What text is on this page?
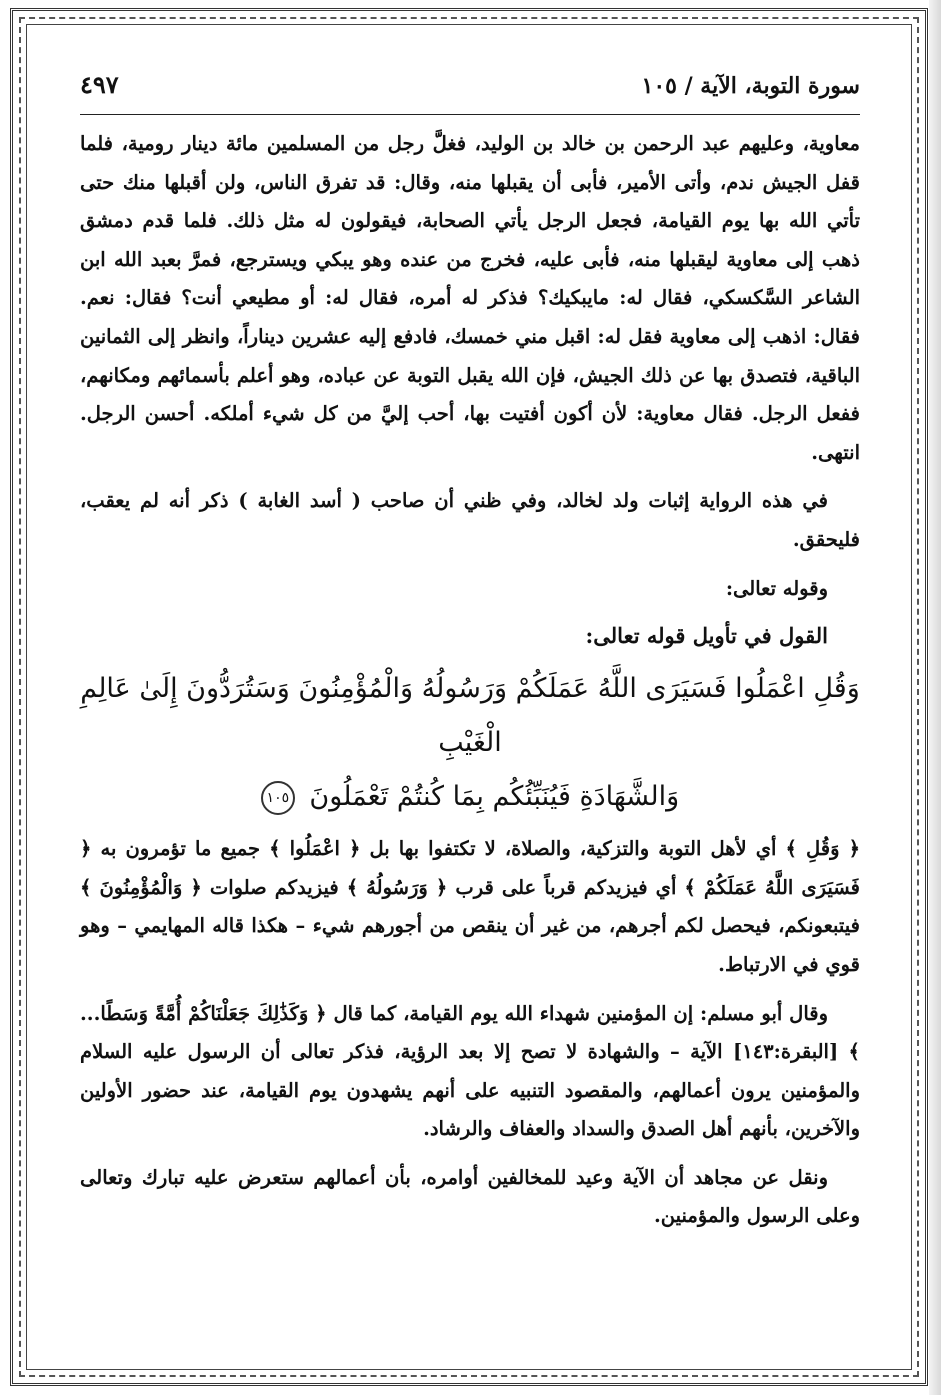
سورة التوبة، الآية / ١٠٥
٤٩٧

معاوية، وعليهم عبد الرحمن بن خالد بن الوليد، فغلَّ رجل من المسلمين مائة دينار رومية، فلما قفل الجيش ندم، وأتى الأمير، فأبى أن يقبلها منه، وقال: قد تفرق الناس، ولن أقبلها منك حتى تأتي الله بها يوم القيامة، فجعل الرجل يأتي الصحابة، فيقولون له مثل ذلك. فلما قدم دمشق ذهب إلى معاوية ليقبلها منه، فأبى عليه، فخرج من عنده وهو يبكي ويسترجع، فمرَّ بعبد الله ابن الشاعر السَّكسكي، فقال له: مايبكيك؟ فذكر له أمره، فقال له: أو مطيعي أنت؟ فقال: نعم. فقال: اذهب إلى معاوية فقل له: اقبل مني خمسك، فادفع إليه عشرين ديناراً، وانظر إلى الثمانين الباقية، فتصدق بها عن ذلك الجيش، فإن الله يقبل التوبة عن عباده، وهو أعلم بأسمائهم ومكانهم، ففعل الرجل. فقال معاوية: لأن أكون أفتيت بها، أحب إليَّ من كل شيء أملكه. أحسن الرجل. انتهى.

في هذه الرواية إثبات ولد لخالد، وفي ظني أن صاحب ( أسد الغابة ) ذكر أنه لم يعقب، فليحقق.

وقوله تعالى:

القول في تأويل قوله تعالى:
وَقُلِ اعْمَلُوا فَسَيَرَى اللَّهُ عَمَلَكُمْ وَرَسُولُهُ وَالْمُؤْمِنُونَ وَسَتُرَدُّونَ إِلَىٰ عَالِمِ الْغَيْبِ
وَالشَّهَادَةِ فَيُنَبِّئُكُم بِمَا كُنتُمْ تَعْمَلُونَ ١٠٥

﴿ وَقُلِ ﴾ أي لأهل التوبة والتزكية، والصلاة، لا تكتفوا بها بل ﴿ اعْمَلُوا ﴾ جميع ما تؤمرون به ﴿ فَسَيَرَى اللَّهُ عَمَلَكُمْ ﴾ أي فيزيدكم قرباً على قرب ﴿ وَرَسُولُهُ ﴾ فيزيدكم صلوات ﴿ وَالْمُؤْمِنُونَ ﴾ فيتبعونكم، فيحصل لكم أجرهم، من غير أن ينقص من أجورهم شيء – هكذا قاله المهايمي – وهو قوي في الارتباط.

وقال أبو مسلم: إن المؤمنين شهداء الله يوم القيامة، كما قال ﴿ وَكَذَٰلِكَ جَعَلْنَاكُمْ أُمَّةً وَسَطًا... ﴾ [البقرة:١٤٣] الآية – والشهادة لا تصح إلا بعد الرؤية، فذكر تعالى أن الرسول عليه السلام والمؤمنين يرون أعمالهم، والمقصود التنبيه على أنهم يشهدون يوم القيامة، عند حضور الأولين والآخرين، بأنهم أهل الصدق والسداد والعفاف والرشاد.

ونقل عن مجاهد أن الآية وعيد للمخالفين أوامره، بأن أعمالهم ستعرض عليه تبارك وتعالى وعلى الرسول والمؤمنين.
